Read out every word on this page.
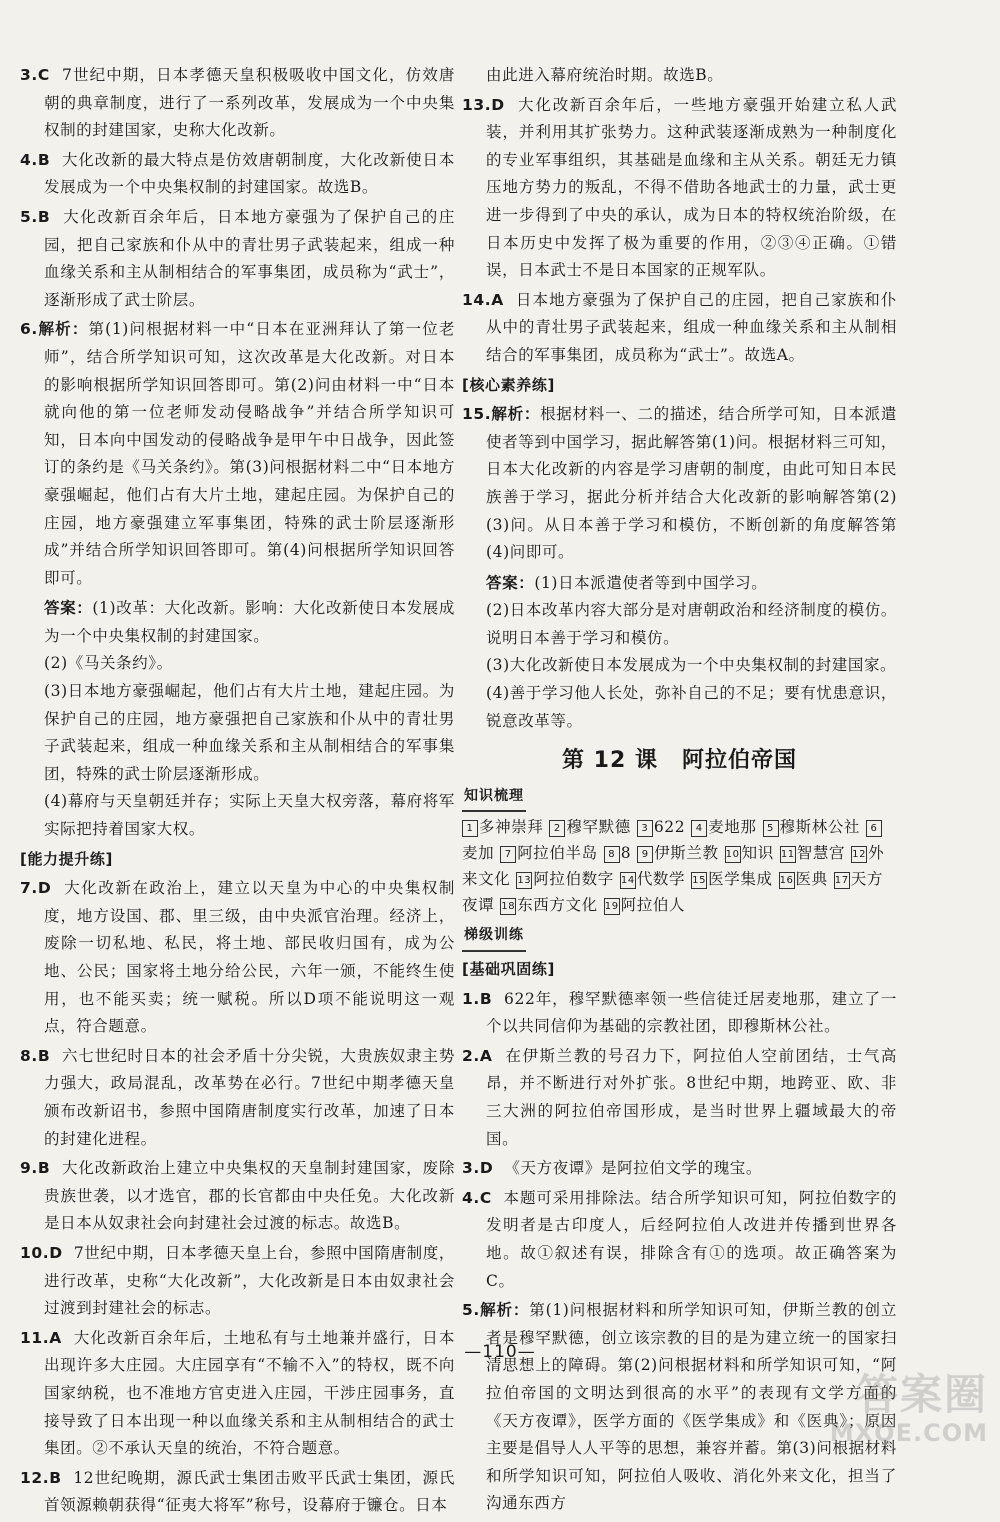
3.C 7世纪中期，日本孝德天皇积极吸收中国文化，仿效唐朝的典章制度，进行了一系列改革，发展成为一个中央集权制的封建国家，史称大化改新。

4.B 大化改新的最大特点是仿效唐朝制度，大化改新使日本发展成为一个中央集权制的封建国家。故选B。

5.B 大化改新百余年后，日本地方豪强为了保护自己的庄园，把自己家族和仆从中的青壮男子武装起来，组成一种血缘关系和主从制相结合的军事集团，成员称为“武士”，逐渐形成了武士阶层。

6.解析：第(1)问根据材料一中“日本在亚洲拜认了第一位老师”，结合所学知识可知，这次改革是大化改新。对日本的影响根据所学知识回答即可。第(2)问由材料一中“日本就向他的第一位老师发动侵略战争”并结合所学知识可知，日本向中国发动的侵略战争是甲午中日战争，因此签订的条约是《马关条约》。第(3)问根据材料二中“日本地方豪强崛起，他们占有大片土地，建起庄园。为保护自己的庄园，地方豪强建立军事集团，特殊的武士阶层逐渐形成”并结合所学知识回答即可。第(4)问根据所学知识回答即可。

答案：(1)改革：大化改新。影响：大化改新使日本发展成为一个中央集权制的封建国家。

(2)《马关条约》。

(3)日本地方豪强崛起，他们占有大片土地，建起庄园。为保护自己的庄园，地方豪强把自己家族和仆从中的青壮男子武装起来，组成一种血缘关系和主从制相结合的军事集团，特殊的武士阶层逐渐形成。

(4)幕府与天皇朝廷并存；实际上天皇大权旁落，幕府将军实际把持着国家大权。

[能力提升练]

7.D 大化改新在政治上，建立以天皇为中心的中央集权制度，地方设国、郡、里三级，由中央派官治理。经济上，废除一切私地、私民，将土地、部民收归国有，成为公地、公民；国家将土地分给公民，六年一颁，不能终生使用，也不能买卖；统一赋税。所以D项不能说明这一观点，符合题意。

8.B 六七世纪时日本的社会矛盾十分尖锐，大贵族奴隶主势力强大，政局混乱，改革势在必行。7世纪中期孝德天皇颁布改新诏书，参照中国隋唐制度实行改革，加速了日本的封建化进程。

9.B 大化改新政治上建立中央集权的天皇制封建国家，废除贵族世袭，以才选官，郡的长官都由中央任免。大化改新是日本从奴隶社会向封建社会过渡的标志。故选B。

10.D 7世纪中期，日本孝德天皇上台，参照中国隋唐制度，进行改革，史称“大化改新”，大化改新是日本由奴隶社会过渡到封建社会的标志。

11.A 大化改新百余年后，土地私有与土地兼并盛行，日本出现许多大庄园。大庄园享有“不输不入”的特权，既不向国家纳税，也不准地方官吏进入庄园，干涉庄园事务，直接导致了日本出现一种以血缘关系和主从制相结合的武士集团。②不承认天皇的统治，不符合题意。

12.B 12世纪晚期，源氏武士集团击败平氏武士集团，源氏首领源赖朝获得“征夷大将军”称号，设幕府于镰仓。日本

由此进入幕府统治时期。故选B。

13.D 大化改新百余年后，一些地方豪强开始建立私人武装，并利用其扩张势力。这种武装逐渐成熟为一种制度化的专业军事组织，其基础是血缘和主从关系。朝廷无力镇压地方势力的叛乱，不得不借助各地武士的力量，武士更进一步得到了中央的承认，成为日本的特权统治阶级，在日本历史中发挥了极为重要的作用，②③④正确。①错误，日本武士不是日本国家的正规军队。

14.A 日本地方豪强为了保护自己的庄园，把自己家族和仆从中的青壮男子武装起来，组成一种血缘关系和主从制相结合的军事集团，成员称为“武士”。故选A。

[核心素养练]

15.解析：根据材料一、二的描述，结合所学可知，日本派遣使者等到中国学习，据此解答第(1)问。根据材料三可知，日本大化改新的内容是学习唐朝的制度，由此可知日本民族善于学习，据此分析并结合大化改新的影响解答第(2)(3)问。从日本善于学习和模仿，不断创新的角度解答第(4)问即可。

答案：(1)日本派遣使者等到中国学习。

(2)日本改革内容大部分是对唐朝政治和经济制度的模仿。说明日本善于学习和模仿。

(3)大化改新使日本发展成为一个中央集权制的封建国家。

(4)善于学习他人长处，弥补自己的不足；要有忧患意识，锐意改革等。

第 12 课 阿拉伯帝国
知识梳理
1 多神崇拜 2 穆罕默德 3 622 4 麦地那 5 穆斯林公社 6麦加 7 阿拉伯半岛 8 8 9 伊斯兰教 10 知识 11 智慧宫 12 外来文化 13 阿拉伯数字 14 代数学 15 医学集成 16 医典 17 天方夜谭 18 东西方文化 19 阿拉伯人
梯级训练
[基础巩固练]

1.B 622年，穆罕默德率领一些信徒迁居麦地那，建立了一个以共同信仰为基础的宗教社团，即穆斯林公社。

2.A 在伊斯兰教的号召力下，阿拉伯人空前团结，士气高昂，并不断进行对外扩张。8世纪中期，地跨亚、欧、非三大洲的阿拉伯帝国形成，是当时世界上疆域最大的帝国。

3.D 《天方夜谭》是阿拉伯文学的瑰宝。

4.C 本题可采用排除法。结合所学知识可知，阿拉伯数字的发明者是古印度人，后经阿拉伯人改进并传播到世界各地。故①叙述有误，排除含有①的选项。故正确答案为C。

5.解析：第(1)问根据材料和所学知识可知，伊斯兰教的创立者是穆罕默德，创立该宗教的目的是为建立统一的国家扫清思想上的障碍。第(2)问根据材料和所学知识可知，“阿拉伯帝国的文明达到很高的水平”的表现有文学方面的《天方夜谭》，医学方面的《医学集成》和《医典》；原因主要是倡导人人平等的思想，兼容并蓄。第(3)问根据材料和所学知识可知，阿拉伯人吸收、消化外来文化，担当了沟通东西方

—110—
答案圈
MXQE.COM
